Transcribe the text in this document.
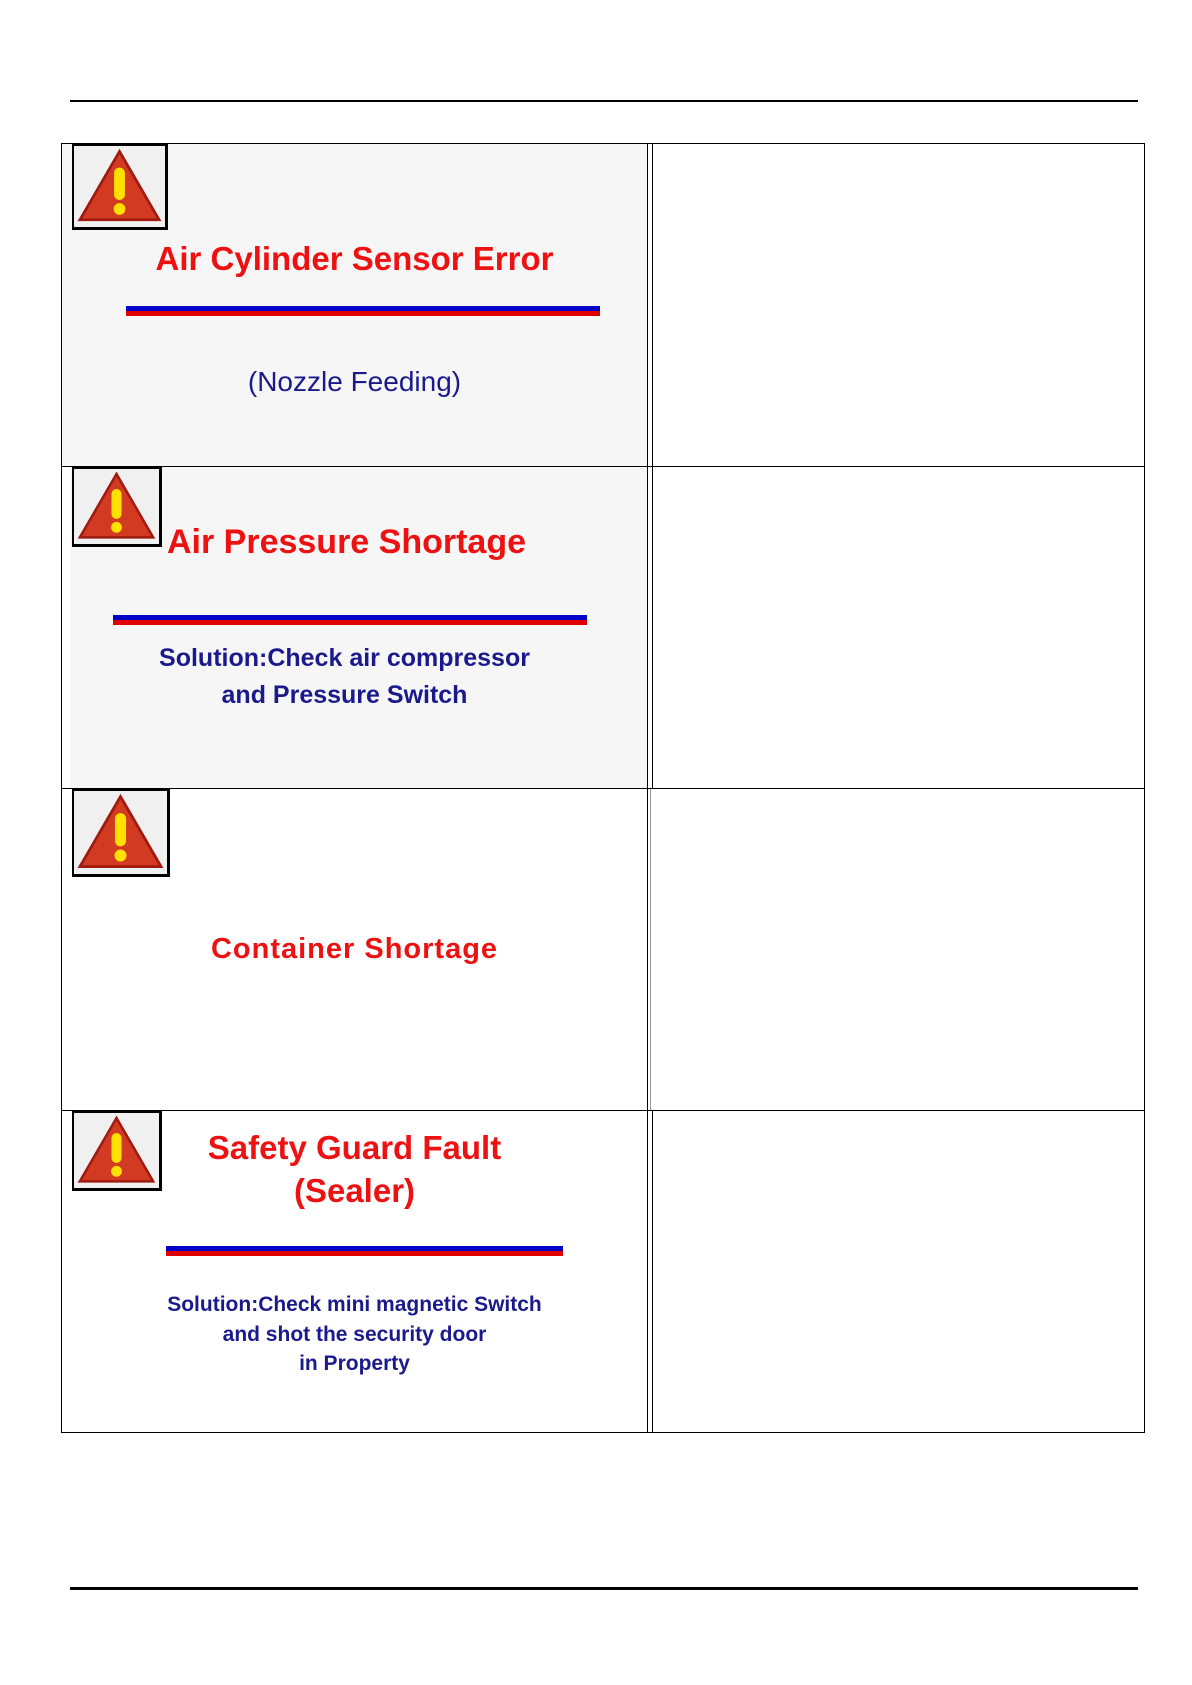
Air Cylinder Sensor Error
(Nozzle Feeding)
Air Pressure Shortage
Solution:Check air compressor
and Pressure Switch
Container Shortage
Safety Guard Fault
(Sealer)
Solution:Check mini magnetic Switch
and shot the security door
in Property
